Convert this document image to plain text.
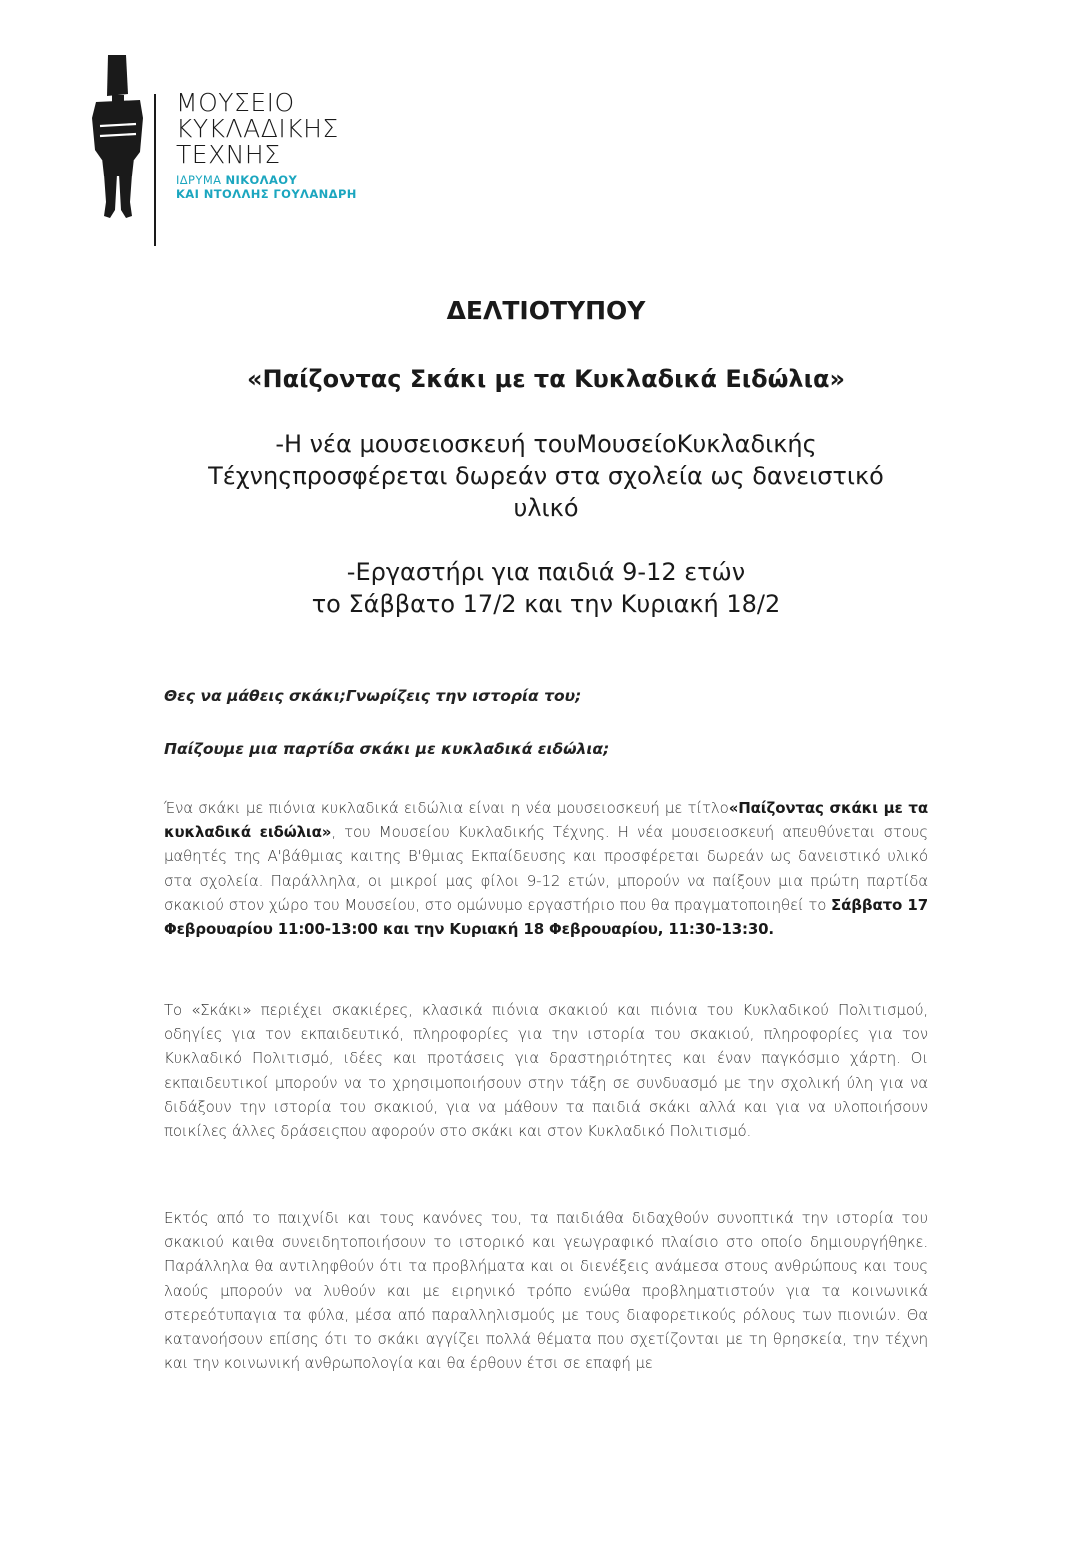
ΜΟΥΣΕΙΟ
ΚΥΚΛΑΔΙΚΗΣ
ΤΕΧΝΗΣ
ΙΔΡΥΜΑ ΝΙΚΟΛΑΟΥ
ΚΑΙ ΝΤΟΛΛΗΣ ΓΟΥΛΑΝΔΡΗ
ΔΕΛΤΙΟΤΥΠΟΥ
«Παίζοντας Σκάκι με τα Κυκλαδικά Ειδώλια»
-Η νέα μουσειοσκευή τουΜουσείοΚυκλαδικής
Τέχνηςπροσφέρεται δωρεάν στα σχολεία ως δανειστικό
υλικό
-Εργαστήρι για παιδιά 9-12 ετών
το Σάββατο 17/2 και την Κυριακή 18/2
Θες να μάθεις σκάκι;Γνωρίζεις την ιστορία του;
Παίζουμε μια παρτίδα σκάκι με κυκλαδικά ειδώλια;
Ένα σκάκι με πιόνια κυκλαδικά ειδώλια είναι η νέα μουσειοσκευή με τίτλο«Παίζοντας σκάκι με τα κυκλαδικά ειδώλια», του Μουσείου Κυκλαδικής Τέχνης. Η νέα μουσειοσκευή απευθύνεται στους μαθητές της Α'βάθμιας καιτης Β'θμιας Εκπαίδευσης και προσφέρεται δωρεάν ως δανειστικό υλικό στα σχολεία. Παράλληλα, οι μικροί μας φίλοι 9-12 ετών, μπορούν να παίξουν μια πρώτη παρτίδα σκακιού στον χώρο του Μουσείου, στο ομώνυμο εργαστήριο που θα πραγματοποιηθεί το Σάββατο 17 Φεβρουαρίου 11:00-13:00 και την Κυριακή 18 Φεβρουαρίου, 11:30-13:30.
Το «Σκάκι» περιέχει σκακιέρες, κλασικά πιόνια σκακιού και πιόνια του Κυκλαδικού Πολιτισμού, οδηγίες για τον εκπαιδευτικό, πληροφορίες για την ιστορία του σκακιού, πληροφορίες για τον Κυκλαδικό Πολιτισμό, ιδέες και προτάσεις για δραστηριότητες και έναν παγκόσμιο χάρτη. Οι εκπαιδευτικοί μπορούν να το χρησιμοποιήσουν στην τάξη σε συνδυασμό με την σχολική ύλη για να διδάξουν την ιστορία του σκακιού, για να μάθουν τα παιδιά σκάκι αλλά και για να υλοποιήσουν ποικίλες άλλες δράσειςπου αφορούν στο σκάκι και στον Κυκλαδικό Πολιτισμό.
Εκτός από το παιχνίδι και τους κανόνες του, τα παιδιάθα διδαχθούν συνοπτικά την ιστορία του σκακιού καιθα συνειδητοποιήσουν το ιστορικό και γεωγραφικό πλαίσιο στο οποίο δημιουργήθηκε. Παράλληλα θα αντιληφθούν ότι τα προβλήματα και οι διενέξεις ανάμεσα στους ανθρώπους και τους λαούς μπορούν να λυθούν και με ειρηνικό τρόπο ενώθα προβληματιστούν για τα κοινωνικά στερεότυπαγια τα φύλα, μέσα από παραλληλισμούς με τους διαφορετικούς ρόλους των πιονιών. Θα κατανοήσουν επίσης ότι το σκάκι αγγίζει πολλά θέματα που σχετίζονται με τη θρησκεία, την τέχνη και την κοινωνική ανθρωπολογία και θα έρθουν έτσι σε επαφή με
